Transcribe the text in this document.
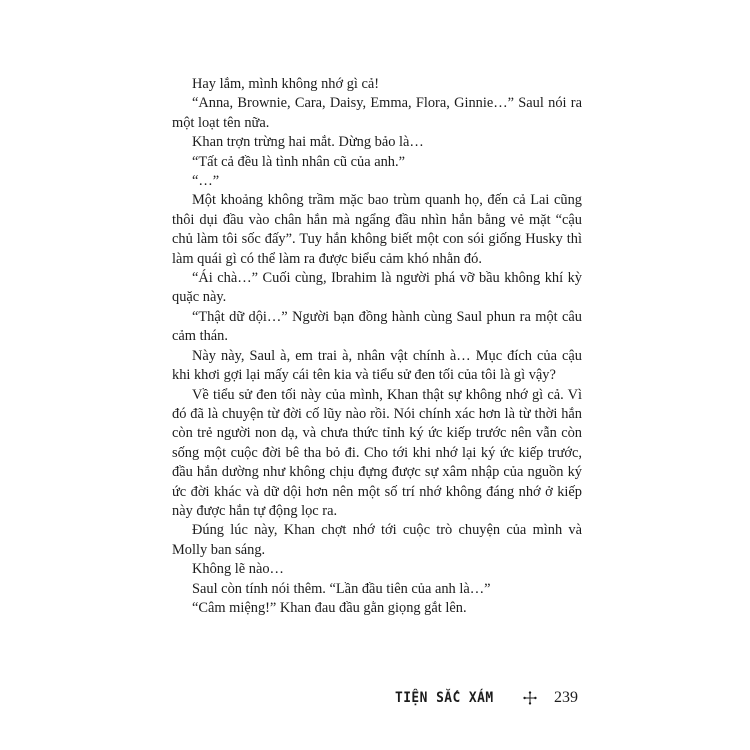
Hay lắm, mình không nhớ gì cả!

“Anna, Brownie, Cara, Daisy, Emma, Flora, Ginnie…” Saul nói ra một loạt tên nữa.

Khan trợn trừng hai mắt. Dừng bảo là…

“Tất cả đều là tình nhân cũ của anh.”

“…”

Một khoảng không trầm mặc bao trùm quanh họ, đến cả Lai cũng thôi dụi đầu vào chân hắn mà ngẩng đầu nhìn hắn bằng vẻ mặt “cậu chủ làm tôi sốc đấy”. Tuy hắn không biết một con sói giống Husky thì làm quái gì có thể làm ra được biểu cảm khó nhằn đó.

“Ái chà…” Cuối cùng, Ibrahim là người phá vỡ bầu không khí kỳ quặc này.

“Thật dữ dội…” Người bạn đồng hành cùng Saul phun ra một câu cảm thán.

Này này, Saul à, em trai à, nhân vật chính à… Mục đích của cậu khi khơi gợi lại mấy cái tên kia và tiểu sử đen tối của tôi là gì vậy?

Về tiểu sử đen tối này của mình, Khan thật sự không nhớ gì cả. Vì đó đã là chuyện từ đời cố lũy nào rồi. Nói chính xác hơn là từ thời hắn còn trẻ người non dạ, và chưa thức tỉnh ký ức kiếp trước nên vẫn còn sống một cuộc đời bê tha bỏ đi. Cho tới khi nhớ lại ký ức kiếp trước, đầu hắn dường như không chịu đựng được sự xâm nhập của nguồn ký ức đời khác và dữ dội hơn nên một số trí nhớ không đáng nhớ ở kiếp này được hắn tự động lọc ra.

Đúng lúc này, Khan chợt nhớ tới cuộc trò chuyện của mình và Molly ban sáng.

Không lẽ nào…

Saul còn tính nói thêm. “Lần đầu tiên của anh là…”

“Câm miệng!” Khan đau đầu gằn giọng gắt lên.

TIỆN SẮC XÁM	239
